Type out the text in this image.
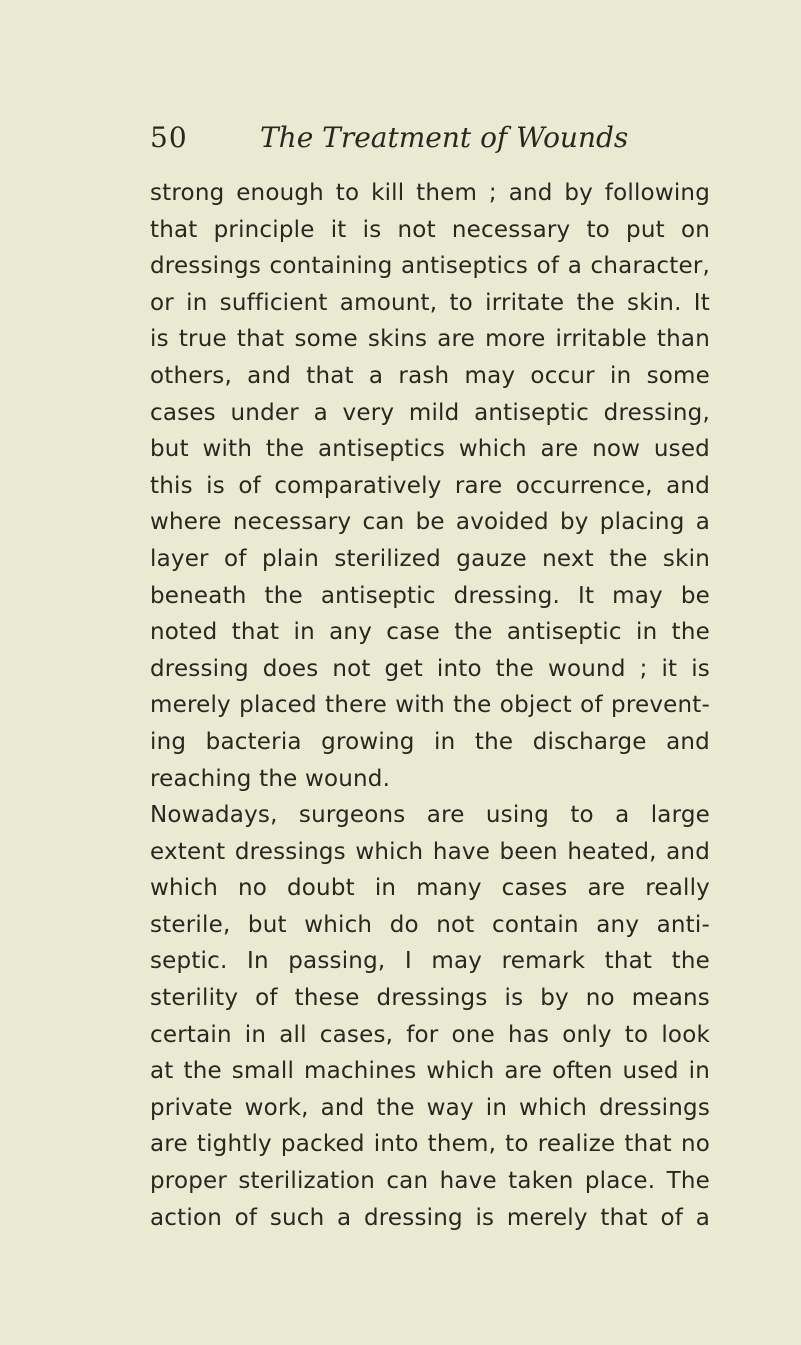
50	The Treatment of Wounds
strong enough to kill them ; and by following
that principle it is not necessary to put on
dressings containing antiseptics of a character,
or in sufficient amount, to irritate the skin. It
is true that some skins are more irritable than
others, and that a rash may occur in some
cases under a very mild antiseptic dressing,
but with the antiseptics which are now used
this is of comparatively rare occurrence, and
where necessary can be avoided by placing a
layer of plain sterilized gauze next the skin
beneath the antiseptic dressing. It may be
noted that in any case the antiseptic in the
dressing does not get into the wound ; it is
merely placed there with the object of prevent-
ing bacteria growing in the discharge and
reaching the wound.
Nowadays, surgeons are using to a large
extent dressings which have been heated, and
which no doubt in many cases are really
sterile, but which do not contain any anti-
septic. In passing, I may remark that the
sterility of these dressings is by no means
certain in all cases, for one has only to look
at the small machines which are often used in
private work, and the way in which dressings
are tightly packed into them, to realize that no
proper sterilization can have taken place. The
action of such a dressing is merely that of a
